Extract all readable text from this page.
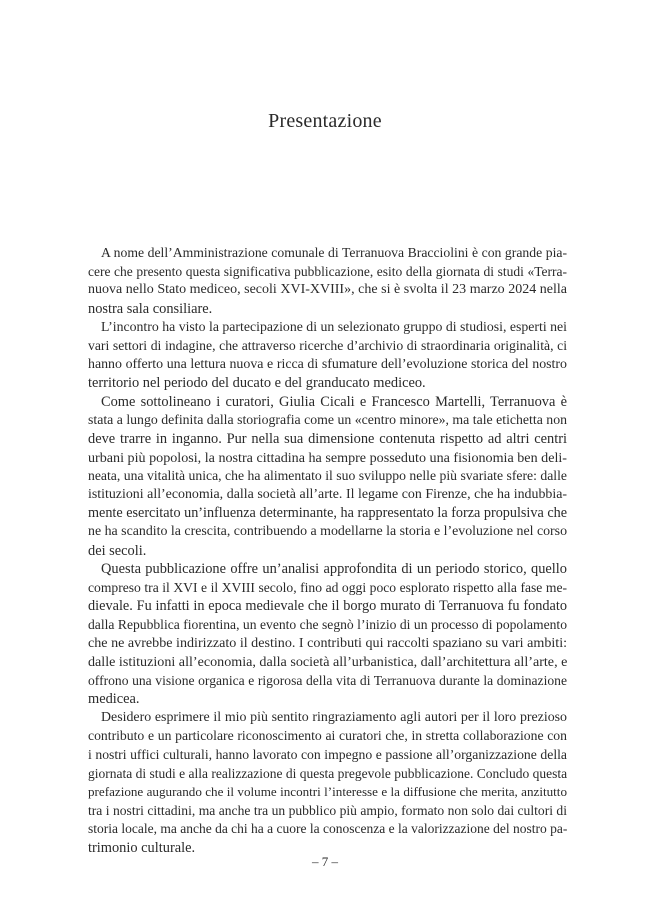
Presentazione
A nome dell’Amministrazione comunale di Terranuova Bracciolini è con grande pia-
cere che presento questa significativa pubblicazione, esito della giornata di studi «Terra-
nuova nello Stato mediceo, secoli XVI-XVIII», che si è svolta il 23 marzo 2024 nella
nostra sala consiliare.
L’incontro ha visto la partecipazione di un selezionato gruppo di studiosi, esperti nei
vari settori di indagine, che attraverso ricerche d’archivio di straordinaria originalità, ci
hanno offerto una lettura nuova e ricca di sfumature dell’evoluzione storica del nostro
territorio nel periodo del ducato e del granducato mediceo.
Come sottolineano i curatori, Giulia Cicali e Francesco Martelli, Terranuova è
stata a lungo definita dalla storiografia come un «centro minore», ma tale etichetta non
deve trarre in inganno. Pur nella sua dimensione contenuta rispetto ad altri centri
urbani più popolosi, la nostra cittadina ha sempre posseduto una fisionomia ben deli-
neata, una vitalità unica, che ha alimentato il suo sviluppo nelle più svariate sfere: dalle
istituzioni all’economia, dalla società all’arte. Il legame con Firenze, che ha indubbia-
mente esercitato un’influenza determinante, ha rappresentato la forza propulsiva che
ne ha scandito la crescita, contribuendo a modellarne la storia e l’evoluzione nel corso
dei secoli.
Questa pubblicazione offre un’analisi approfondita di un periodo storico, quello
compreso tra il XVI e il XVIII secolo, fino ad oggi poco esplorato rispetto alla fase me-
dievale. Fu infatti in epoca medievale che il borgo murato di Terranuova fu fondato
dalla Repubblica fiorentina, un evento che segnò l’inizio di un processo di popolamento
che ne avrebbe indirizzato il destino. I contributi qui raccolti spaziano su vari ambiti:
dalle istituzioni all’economia, dalla società all’urbanistica, dall’architettura all’arte, e
offrono una visione organica e rigorosa della vita di Terranuova durante la dominazione
medicea.
Desidero esprimere il mio più sentito ringraziamento agli autori per il loro prezioso
contributo e un particolare riconoscimento ai curatori che, in stretta collaborazione con
i nostri uffici culturali, hanno lavorato con impegno e passione all’organizzazione della
giornata di studi e alla realizzazione di questa pregevole pubblicazione. Concludo questa
prefazione augurando che il volume incontri l’interesse e la diffusione che merita, anzitutto
tra i nostri cittadini, ma anche tra un pubblico più ampio, formato non solo dai cultori di
storia locale, ma anche da chi ha a cuore la conoscenza e la valorizzazione del nostro pa-
trimonio culturale.
– 7 –
